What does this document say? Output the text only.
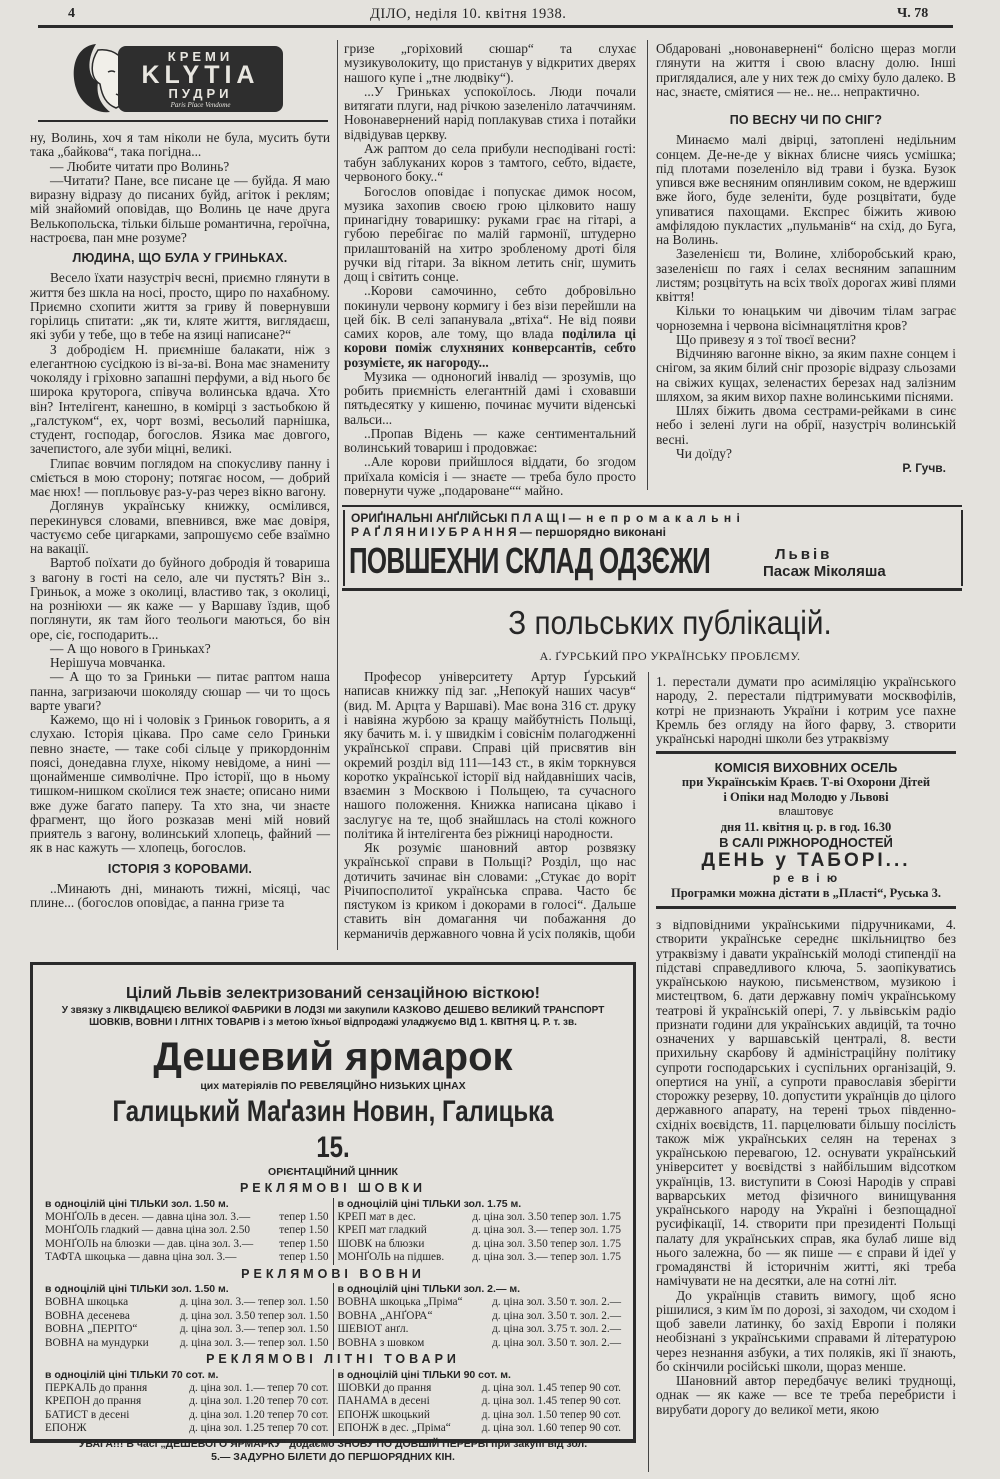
4	ДІЛО, неділя 10. квітня 1938.	Ч. 78
КРЕМИ
KLYTIA
ПУДРИ
Paris Place Vendome

ну, Волинь, хоч я там ніколи не була, мусить бути така „байкова“, така погідна...

— Любите читати про Волинь?

—Читати? Пане, все писане це — буйда. Я маю виразну відразу до писаних буйд, агіток і реклям; мій знайомий оповідав, що Волинь це наче друга Велькопольска, тільки більше романтична, героїчна, настроєва, пан мне розуме?

ЛЮДИНА, ЩО БУЛА У ГРИНЬКАХ.

Весело їхати назустріч весні, приємно глянути в життя без шкла на носі, просто, щиро по нахабному. Приємно схопити життя за гриву й повернувши горілиць спитати: „як ти, кляте життя, виглядаєш, які зуби у тебе, що в тебе на язиці написане?“

З добродієм Н. приємніше балакати, ніж з елегантною сусідкою із ві-за-ві. Вона має знамениту чоколяду і гріховно запашні перфуми, а від нього бє широка круторога, співуча волинська вдача. Хто він? Інтелігент, канешно, в комірці з застьобкою й „галстуком“, ех, чорт возмі, весьолий парнішка, студент, господар, богослов. Язика має довгого, зачепистого, але зуби міцні, великі.

Глипає вовчим поглядом на спокусливу панну і сміється в мою сторону; потягає носом, — добрий має нюх! — попльовує раз-у-раз через вікно вагону.

Доглянув українську книжку, осмілився, перекинувся словами, впевнився, вже має довіря, частуємо себе цигарками, запрошуємо себе взаїмно на вакації.

Вартоб поїхати до буйного добродія й товариша з вагону в гості на село, але чи пустять? Він з.. Гриньок, а може з околиці, властиво так, з околиці, на розніюхи — як каже — у Варшаву їздив, щоб поглянути, як там його теольоги маються, бо він оре, сіє, господарить...

— А що нового в Гриньках?

Нерішуча мовчанка.

— А що то за Гриньки — питає раптом наша панна, загризаючи шоколяду сюшар — чи то щось варте уваги?

Кажемо, що ні і чоловік з Гриньок говорить, а я слухаю. Історія цікава. Про саме село Гриньки певно знаєте, — таке собі сільце у прикордоннім поясі, донедавна глухе, нікому невідоме, а нині — щонайменше символічне. Про історії, що в ньому тишком-нишком скоїлися теж знаєте; описано ними вже дуже багато паперу. Та хто зна, чи знаєте фрагмент, що його розказав мені мій новий приятель з вагону, волинський хлопець, файний — як в нас кажуть — хлопець, богослов.

ІСТОРІЯ З КОРОВАМИ.

..Минають дні, минають тижні, місяці, час плине... (богослов оповідає, а панна гризе та

гризе „горіховий сюшар“ та слухає музикуволокиту, що пристанув у відкритих дверях нашого купе і „тне людвіку“).

...У Гриньках успокоїлось. Люди почали витягати плуги, над річкою зазеленіло латаччиням. Новонавернений нарід поплакував стиха і потайки відвідував церкву.

Аж раптом до села прибули несподівані гості: табун заблуканих коров з тамтого, себто, відаєте, червоного боку..“

Богослов оповідає і попускає димок носом, музика захопив своєю грою цілковито нашу принагідну товаришку: руками грає на гітарі, а губою перебігає по малій гармонії, штудерно прилаштованій на хитро зробленому дроті біля ручки від гітари. За вікном летить сніг, шумить дощ і світить сонце.

..Корови самочинно, себто добровільно покинули червону кормигу і без візи перейшли на цей бік. В селі запанувала „втіха“. Не від появи самих коров, але тому, що влада поділила ці корови поміж слухняних конверсантів, себто розумієте, як нагороду...

Музика — одноногий інвалід — зрозумів, що робить приємність елегантній дамі і сховавши пятьдесятку у кишеню, починає мучити віденські вальси...

..Пропав Відень — каже сентиментальний волинський товариш і продовжає:

..Але корови прийшлося віддати, бо згодом приїхала комісія і — знаєте — треба було просто повернути чуже „подароване““ майно.

Обдаровані „новонавернені“ болісно щераз могли глянути на життя і свою власну долю. Інші приглядалися, але у них теж до сміху було далеко. В нас, знаєте, сміятися — не.. не... непрактично.

ПО ВЕСНУ ЧИ ПО СНІГ?

Минаємо малі двірці, затоплені недільним сонцем. Де-не-де у вікнах блисне чиясь усмішка; під плотами позеленіло від трави і бузка. Бузок упився вже весняним опянливим соком, не вдержиш вже його, буде зеленіти, буде розцвітати, буде упиватися пахощами. Експрес біжить живою амфілядою пукластих „пульманів“ на схід, до Буга, на Волинь.

Зазеленієш ти, Волине, хліборобський краю, зазеленієш по гаях і селах весняним запашним листям; розцвітуть на всіх твоїх дорогах живі плями квіття!

Кільки то юнацьким чи дівочим тілам заграє чорноземна і червона вісімнацятлітня кров?

Що привезу я з тої твоєї весни?

Відчиняю вагонне вікно, за яким пахне сонцем і снігом, за яким білий сніг прозоріє відразу сльозами на свіжих кущах, зеленастих березах над залізним шляхом, за яким вихор пахне волинськими піснями.

Шлях біжить двома сестрами-рейками в синє небо і зелені луги на обрії, назустріч волинській весні.

Чи доїду?

Р. Гучв.
ОРИҐІНАЛЬНІ АНҐЛІЙСЬКІ П Л А Щ І — н е п р о м а к а л ь н і
Р А Ґ Л Я Н И І У Б Р А Н Н Я — першорядно виконані
ПОВШЕХНИ СКЛАД ОДЗЄЖИ	Львів
Пасаж Міколяша
З польських публікацій.
А. ҐУРСЬКИЙ ПРО УКРАЇНСЬКУ ПРОБЛЄМУ.

Професор університету Артур Ґурський написав книжку під заг. „Непокуй наших часув“ (вид. М. Арцта у Варшаві). Має вона 316 ст. друку і навіяна журбою за кращу майбутність Польщі, яку бачить м. і. у швидкім і совіснім полагодженні української справи. Справі цій присвятив він окремий розділ від 111—143 ст., в якім торкнувся коротко української історії від найдавніших часів, взаємин з Москвою і Польщею, та сучасного нашого положення. Книжка написана цікаво і заслугує на те, щоб знайшлась на столі кожного політика й інтелігента без ріжниці народности.

Як розуміє шановний автор розвязку української справи в Польщі? Розділ, що нас дотичить зачинає він словами: „Стукає до воріт Річипосполитої українська справа. Часто бє пястуком із криком і докорами в голосі“. Дальше ставить він домагання чи побажання до керманичів державного човна й усіх поляків, щоби

1. перестали думати про асиміляцію українського народу, 2. перестали підтримувати москвофілів, котрі не признають України і котрим усе пахне Кремль без огляду на його фарву, 3. створити українські народні школи без утраквізму

КОМІСІЯ ВИХОВНИХ ОСЕЛЬ
при Українськім Краєв. Т-ві Охорони Дітей
і Опіки над Молодю у Львові
влаштовує
дня 11. квітня ц. р. в год. 16.30
В САЛІ РІЖНОРОДНОСТЕЙ
ДЕНЬ у ТАБОРІ...
р е в і ю
Програмки можна дістати в „Пласті“, Руська 3.

з відповідними українськими підручниками, 4. створити українське середнє шкільництво без утраквізму і давати українській молоді стипендії на підставі справедливого ключа, 5. заопікуватись українською наукою, письменством, музикою і мистецтвом, 6. дати державну поміч українському театрові й українській опері, 7. у львівськім радіо признати години для українських авдицій, та точно означених у варшавській централі, 8. вести прихильну скарбову й адміністраційну політику супроти господарських і суспільних організацій, 9. опертися на унії, а супроти православія зберігти сторожку резерву, 10. допустити українців до цілого державного апарату, на терені трьох південно-східніх воєвідств, 11. парцелювати більшу посілість також між українських селян на теренах з українською перевагою, 12. оснувати український університет у воєвідстві з найбільшим відсотком українців, 13. виступити в Союзі Народів у справі варварських метод фізичного винищування українського народу на Україні і безпощадної русифікації, 14. створити при президенті Польщі палату для українських справ, яка булаб лише від нього залежна, бо — як пише — є справи й ідеї у громадянстві й історичнім житті, які треба намічувати не на десятки, але на сотні літ.

До українців ставить вимогу, щоб ясно рішилися, з ким їм по дорозі, зі заходом, чи сходом і щоб завели латинку, бо захід Европи і поляки необізнані з українськими справами й літературою через незнання азбуки, а тих поляків, які її знають, бо скінчили російські школи, щораз менше.

Шановний автор передбачує великі труднощі, однак — як каже — все те треба перебристи і вирубати дорогу до великої мети, якою

Цілий Львів зелектризований сензаційною вісткою!
У звязку з ЛІКВІДАЦІЄЮ ВЕЛИКОЇ ФАБРИКИ В ЛОДЗІ ми закупили КАЗКОВО ДЕШЕВО ВЕЛИКИЙ ТРАНСПОРТ ШОВКІВ, ВОВНИ І ЛІТНІХ ТОВАРІВ і з метою їхньої відпродажі уладжуємо ВІД 1. КВІТНЯ Ц. Р. т. зв.
Дешевий ярмарок
цих матеріялів ПО РЕВЕЛЯЦІЙНО НИЗЬКИХ ЦІНАХ
Галицький Маґазин Новин, Галицька 15.
ОРІЄНТАЦІЙНИЙ ЦІННИК
РЕКЛЯМОВІ ШОВКИ
в одноцілій ціні ТІЛЬКИ зол. 1.50 м.
МОНҐОЛЬ в десен. — давна ціна зол. 3.—	тепер 1.50
МОНҐОЛЬ гладкий — давна ціна зол. 2.50	тепер 1.50
МОНҐОЛЬ на блюзки — дав. ціна зол. 3.— тепер 1.50
ТАФТА шкоцька — давна ціна зол. 3.—	тепер 1.50
в одноцілій ціні ТІЛЬКИ зол. 1.75 м.
КРЕП мат в дес.	д. ціна зол. 3.50 тепер зол. 1.75
КРЕП мат гладкий	д. ціна зол. 3.— тепер зол. 1.75
ШОВК на блюзки	д. ціна зол. 3.50 тепер зол. 1.75
МОНҐОЛЬ на підшев. д. ціна зол. 3.— тепер зол. 1.75
РЕКЛЯМОВІ ВОВНИ
в одноцілій ціні ТІЛЬКИ зол. 1.50 м.
ВОВНА шкоцька	д. ціна зол. 3.— тепер зол. 1.50
ВОВНА десенева	д. ціна зол. 3.50 тепер зол. 1.50
ВОВНА „ПЕРІТО“	д. ціна зол. 3.— тепер зол. 1.50
ВОВНА на мундурки	д. ціна зол. 3.— тепер зол. 1.50
в одноцілій ціні ТІЛЬКИ зол. 2.— м.
ВОВНА шкоцька „Пріма“	д. ціна зол. 3.50 т. зол. 2.—
ВОВНА „АНҐОРА“	д. ціна зол. 3.50 т. зол. 2.—
ШЕВІОТ анґл.	д. ціна зол. 3.75 т. зол. 2.—
ВОВНА з шовком	д. ціна зол. 3.50 т. зол. 2.—
РЕКЛЯМОВІ ЛІТНІ ТОВАРИ
в одноцілій ціні ТІЛЬКИ 70 сот. м.
ПЕРКАЛЬ до прання	д. ціна зол. 1.— тепер 70 сот.
КРЕПОН до прання	д. ціна зол. 1.20 тепер 70 сот.
БАТИСТ в десені	д. ціна зол. 1.20 тепер 70 сот.
ЕПОНЖ	д. ціна зол. 1.25 тепер 70 сот.
в одноцілій ціні ТІЛЬКИ 90 сот. м.
ШОВКИ до прання	д. ціна зол. 1.45 тепер 90 сот.
ПАНАМА в десені	д. ціна зол. 1.45 тепер 90 сот.
ЕПОНЖ шкоцький	д. ціна зол. 1.50 тепер 90 сот.
ЕПОНЖ в дес. „Пріма“	д. ціна зол. 1.60 тепер 90 сот.
УВАГА!!! В часі „ДЕШЕВОГО ЯРМАРКУ“ додаємо ЗНОВУ ПО ДОВШІЙ ПЕРЕРВІ при закупі від зол.
5.— ЗАДУРНО БІЛЕТИ ДО ПЕРШОРЯДНИХ КІН.
